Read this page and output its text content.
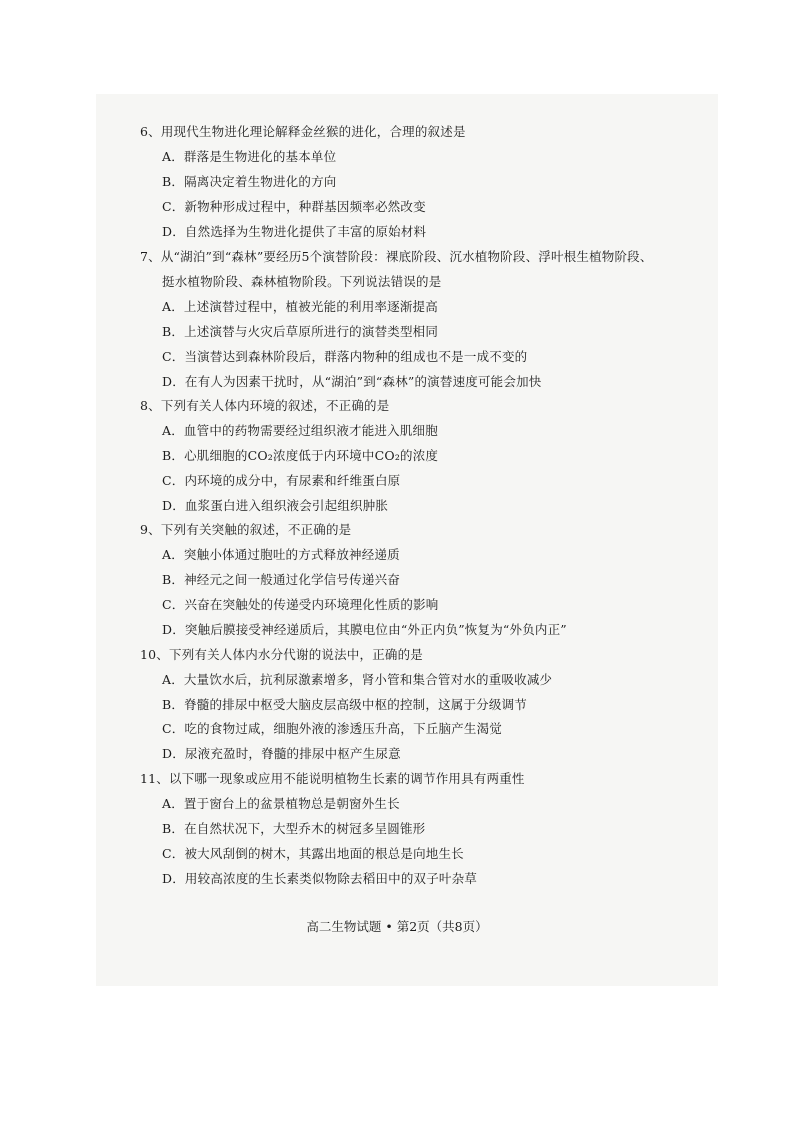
6、用现代生物进化理论解释金丝猴的进化，合理的叙述是
A．群落是生物进化的基本单位
B．隔离决定着生物进化的方向
C．新物种形成过程中，种群基因频率必然改变
D．自然选择为生物进化提供了丰富的原始材料
7、从“湖泊”到“森林”要经历5个演替阶段：裸底阶段、沉水植物阶段、浮叶根生植物阶段、
挺水植物阶段、森林植物阶段。下列说法错误的是
A．上述演替过程中，植被光能的利用率逐渐提高
B．上述演替与火灾后草原所进行的演替类型相同
C．当演替达到森林阶段后，群落内物种的组成也不是一成不变的
D．在有人为因素干扰时，从“湖泊”到“森林”的演替速度可能会加快
8、下列有关人体内环境的叙述，不正确的是
A．血管中的药物需要经过组织液才能进入肌细胞
B．心肌细胞的CO₂浓度低于内环境中CO₂的浓度
C．内环境的成分中，有尿素和纤维蛋白原
D．血浆蛋白进入组织液会引起组织肿胀
9、下列有关突触的叙述，不正确的是
A．突触小体通过胞吐的方式释放神经递质
B．神经元之间一般通过化学信号传递兴奋
C．兴奋在突触处的传递受内环境理化性质的影响
D．突触后膜接受神经递质后，其膜电位由“外正内负”恢复为“外负内正”
10、下列有关人体内水分代谢的说法中，正确的是
A．大量饮水后，抗利尿激素增多，肾小管和集合管对水的重吸收减少
B．脊髓的排尿中枢受大脑皮层高级中枢的控制，这属于分级调节
C．吃的食物过咸，细胞外液的渗透压升高，下丘脑产生渴觉
D．尿液充盈时，脊髓的排尿中枢产生尿意
11、以下哪一现象或应用不能说明植物生长素的调节作用具有两重性
A．置于窗台上的盆景植物总是朝窗外生长
B．在自然状况下，大型乔木的树冠多呈圆锥形
C．被大风刮倒的树木，其露出地面的根总是向地生长
D．用较高浓度的生长素类似物除去稻田中的双子叶杂草
高二生物试题 • 第2页（共8页）
